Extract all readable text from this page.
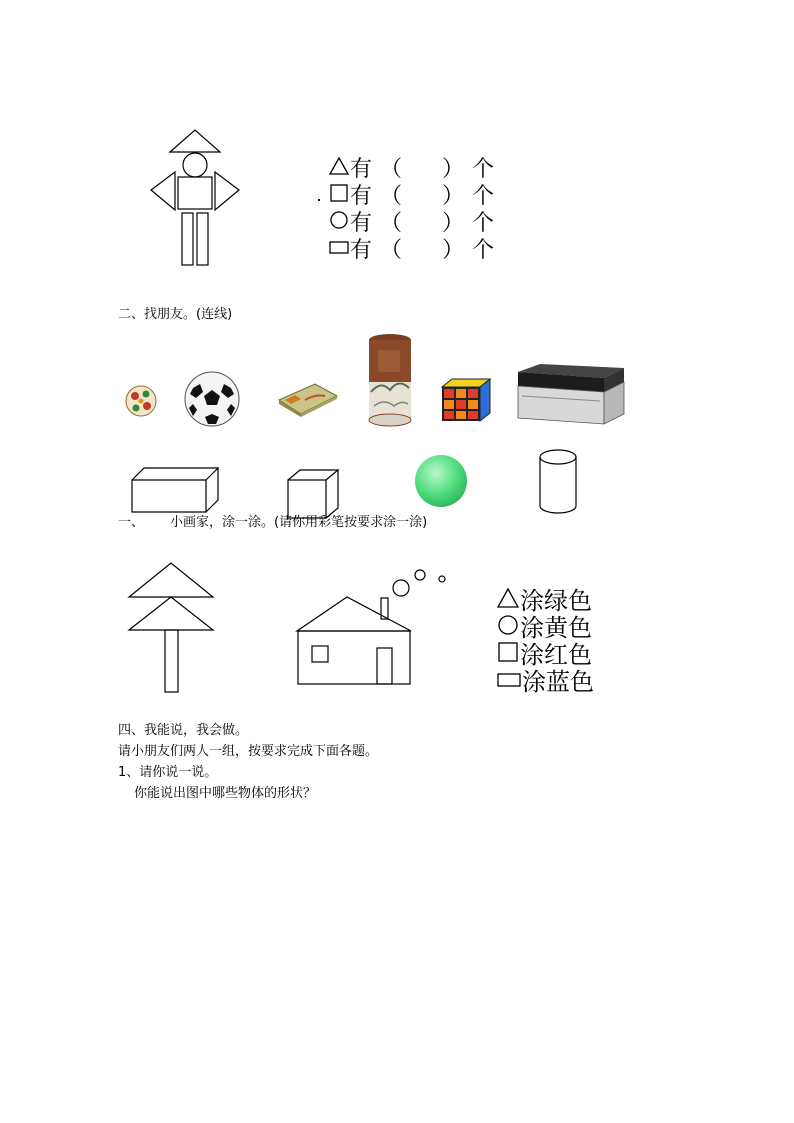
有 （ ） 个
有 （ ） 个
有 （ ） 个
有 （ ） 个
二、找朋友。(连线)
一、 小画家，涂一涂。(请你用彩笔按要求涂一涂)
涂绿色
涂黄色
涂红色
涂蓝色
四、我能说，我会做。
请小朋友们两人一组，按要求完成下面各题。
1、请你说一说。
你能说出图中哪些物体的形状？
